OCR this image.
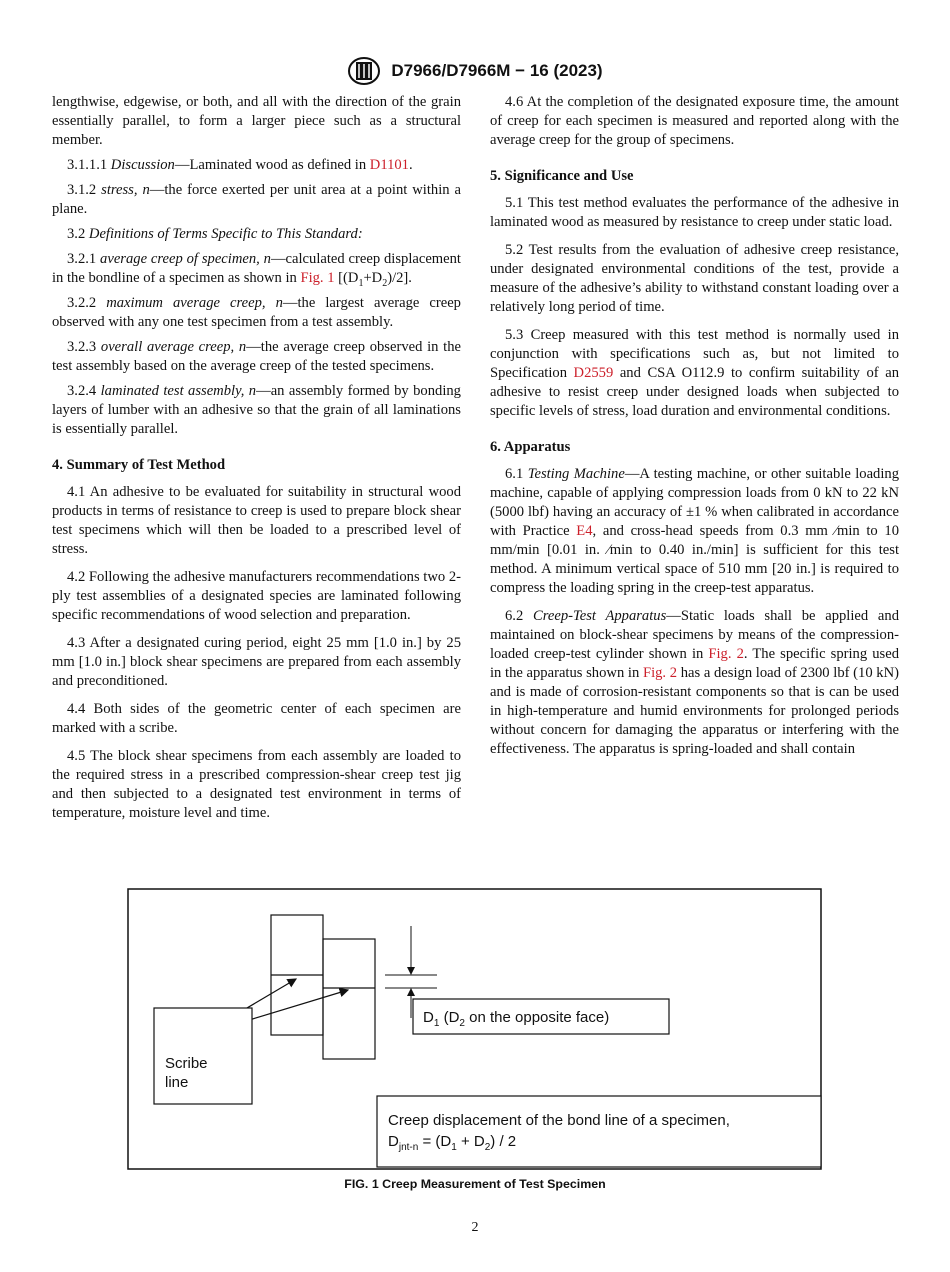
D7966/D7966M − 16 (2023)

lengthwise, edgewise, or both, and all with the direction of the grain essentially parallel, to form a larger piece such as a structural member.

3.1.1.1 Discussion—Laminated wood as defined in D1101.

3.1.2 stress, n—the force exerted per unit area at a point within a plane.

3.2 Definitions of Terms Specific to This Standard:

3.2.1 average creep of specimen, n—calculated creep displacement in the bondline of a specimen as shown in Fig. 1 $[(D_1+D_2)/2]$.

3.2.2 maximum average creep, n—the largest average creep observed with any one test specimen from a test assembly.

3.2.3 overall average creep, n—the average creep observed in the test assembly based on the average creep of the tested specimens.

3.2.4 laminated test assembly, n—an assembly formed by bonding layers of lumber with an adhesive so that the grain of all laminations is essentially parallel.

4. Summary of Test Method

4.1 An adhesive to be evaluated for suitability in structural wood products in terms of resistance to creep is used to prepare block shear test specimens which will then be loaded to a prescribed level of stress.

4.2 Following the adhesive manufacturers recommendations two 2-ply test assemblies of a designated species are laminated following specific recommendations of wood selection and preparation.

4.3 After a designated curing period, eight 25 mm [1.0 in.] by 25 mm [1.0 in.] block shear specimens are prepared from each assembly and preconditioned.

4.4 Both sides of the geometric center of each specimen are marked with a scribe.

4.5 The block shear specimens from each assembly are loaded to the required stress in a prescribed compression-shear creep test jig and then subjected to a designated test environment in terms of temperature, moisture level and time.

4.6 At the completion of the designated exposure time, the amount of creep for each specimen is measured and reported along with the average creep for the group of specimens.

5. Significance and Use

5.1 This test method evaluates the performance of the adhesive in laminated wood as measured by resistance to creep under static load.

5.2 Test results from the evaluation of adhesive creep resistance, under designated environmental conditions of the test, provide a measure of the adhesive’s ability to withstand constant loading over a relatively long period of time.

5.3 Creep measured with this test method is normally used in conjunction with specifications such as, but not limited to Specification D2559 and CSA O112.9 to confirm suitability of an adhesive to resist creep under designed loads when subjected to specific levels of stress, load duration and environmental conditions.

6. Apparatus

6.1 Testing Machine—A testing machine, or other suitable loading machine, capable of applying compression loads from 0 kN to 22 kN (5000 lbf) having an accuracy of ±1 % when calibrated in accordance with Practice E4, and cross-head speeds from 0.3 mm ⁄min to 10 mm/min [0.01 in. ⁄min to 0.40 in./min] is sufficient for this test method. A minimum vertical space of 510 mm [20 in.] is required to compress the loading spring in the creep-test apparatus.

6.2 Creep-Test Apparatus—Static loads shall be applied and maintained on block-shear specimens by means of the compression-loaded creep-test cylinder shown in Fig. 2. The specific spring used in the apparatus shown in Fig. 2 has a design load of 2300 lbf (10 kN) and is made of corrosion-resistant components so that is can be used in high-temperature and humid environments for prolonged periods without concern for damaging the apparatus or interfering with the effectiveness. The apparatus is spring-loaded and shall contain

Scribe
line
$D_1$ ($D_2$ on the opposite face)
Creep displacement of the bond line of a specimen,
$D_{jnt-n} = (D_1 + D_2) / 2$
FIG. 1 Creep Measurement of Test Specimen
2
